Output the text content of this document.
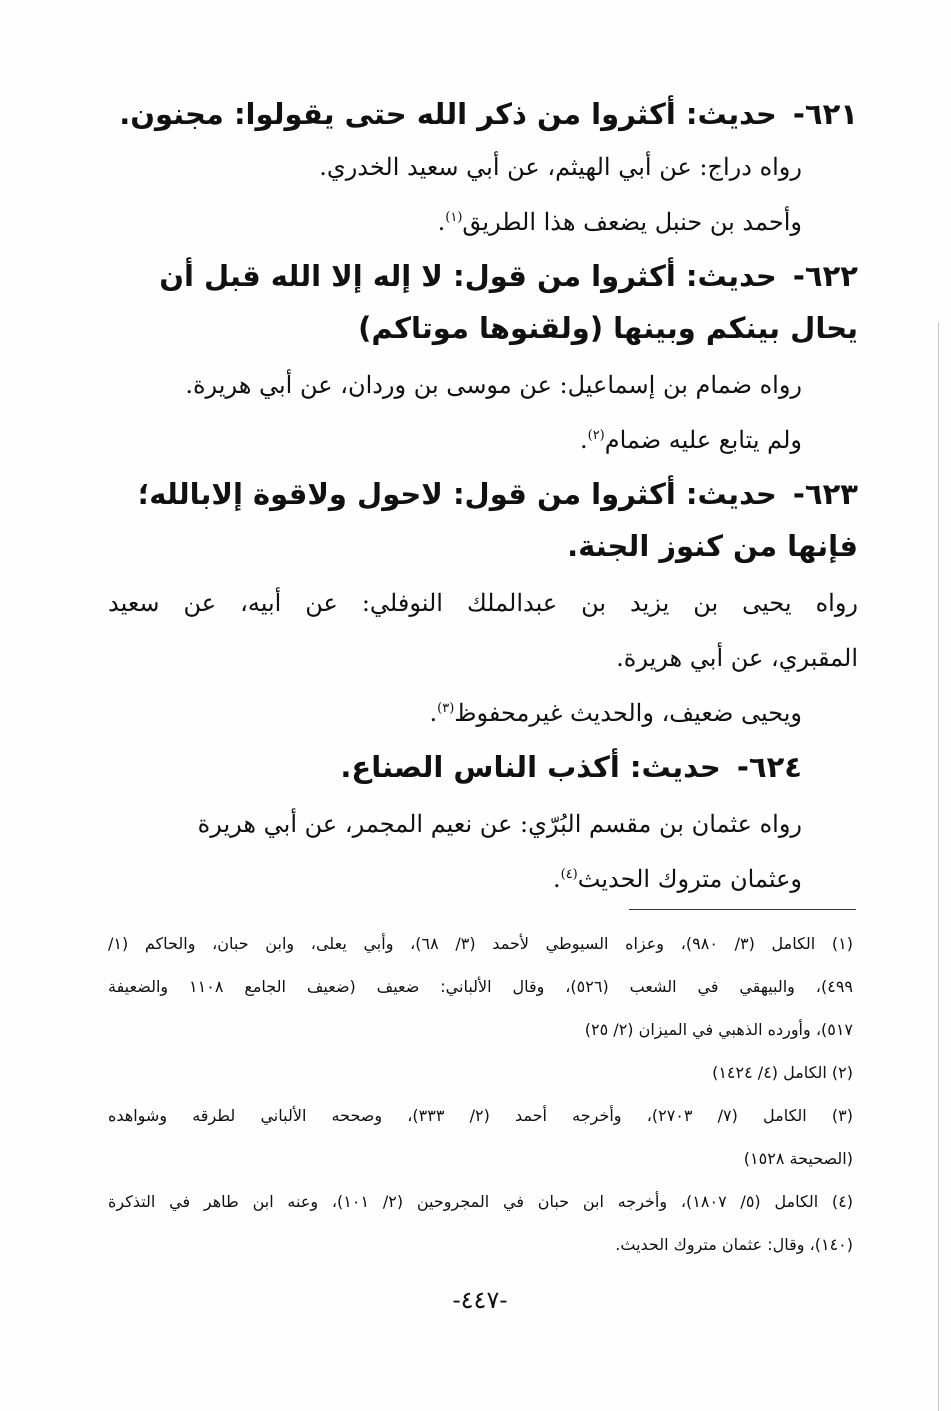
٦٢١- حديث: أكثروا من ذكر الله حتى يقولوا: مجنون.

رواه دراج: عن أبي الهيثم، عن أبي سعيد الخدري.

وأحمد بن حنبل يضعف هذا الطريق$^{(١)}$.

٦٢٢- حديث: أكثروا من قول: لا إله إلا الله قبل أن يحال بينكم وبينها (ولقنوها موتاكم)

رواه ضمام بن إسماعيل: عن موسى بن وردان، عن أبي هريرة.

ولم يتابع عليه ضمام$^{(٢)}$.

٦٢٣- حديث: أكثروا من قول: لاحول ولاقوة إلابالله؛ فإنها من كنوز الجنة.

رواه يحيى بن يزيد بن عبدالملك النوفلي: عن أبيه، عن سعيد

المقبري، عن أبي هريرة.

ويحيى ضعيف، والحديث غيرمحفوظ$^{(٣)}$.

٦٢٤- حديث: أكذب الناس الصناع.

رواه عثمان بن مقسم البُرّي: عن نعيم المجمر، عن أبي هريرة

وعثمان متروك الحديث$^{(٤)}$.

(١) الكامل (٣/ ٩٨٠)، وعزاه السيوطي لأحمد (٣/ ٦٨)، وأبي يعلى، وابن حبان، والحاكم (١/

٤٩٩)، والبيهقي في الشعب (٥٢٦)، وقال الألباني: ضعيف (ضعيف الجامع ١١٠٨ والضعيفة

٥١٧)، وأورده الذهبي في الميزان (٢/ ٢٥)

(٢) الكامل (٤/ ١٤٢٤)

(٣) الكامل (٧/ ٢٧٠٣)، وأخرجه أحمد (٢/ ٣٣٣)، وصححه الألباني لطرقه وشواهده

(الصحيحة ١٥٢٨)

(٤) الكامل (٥/ ١٨٠٧)، وأخرجه ابن حبان في المجروحين (٢/ ١٠١)، وعنه ابن طاهر في التذكرة

(١٤٠)، وقال: عثمان متروك الحديث.

-٤٤٧-
